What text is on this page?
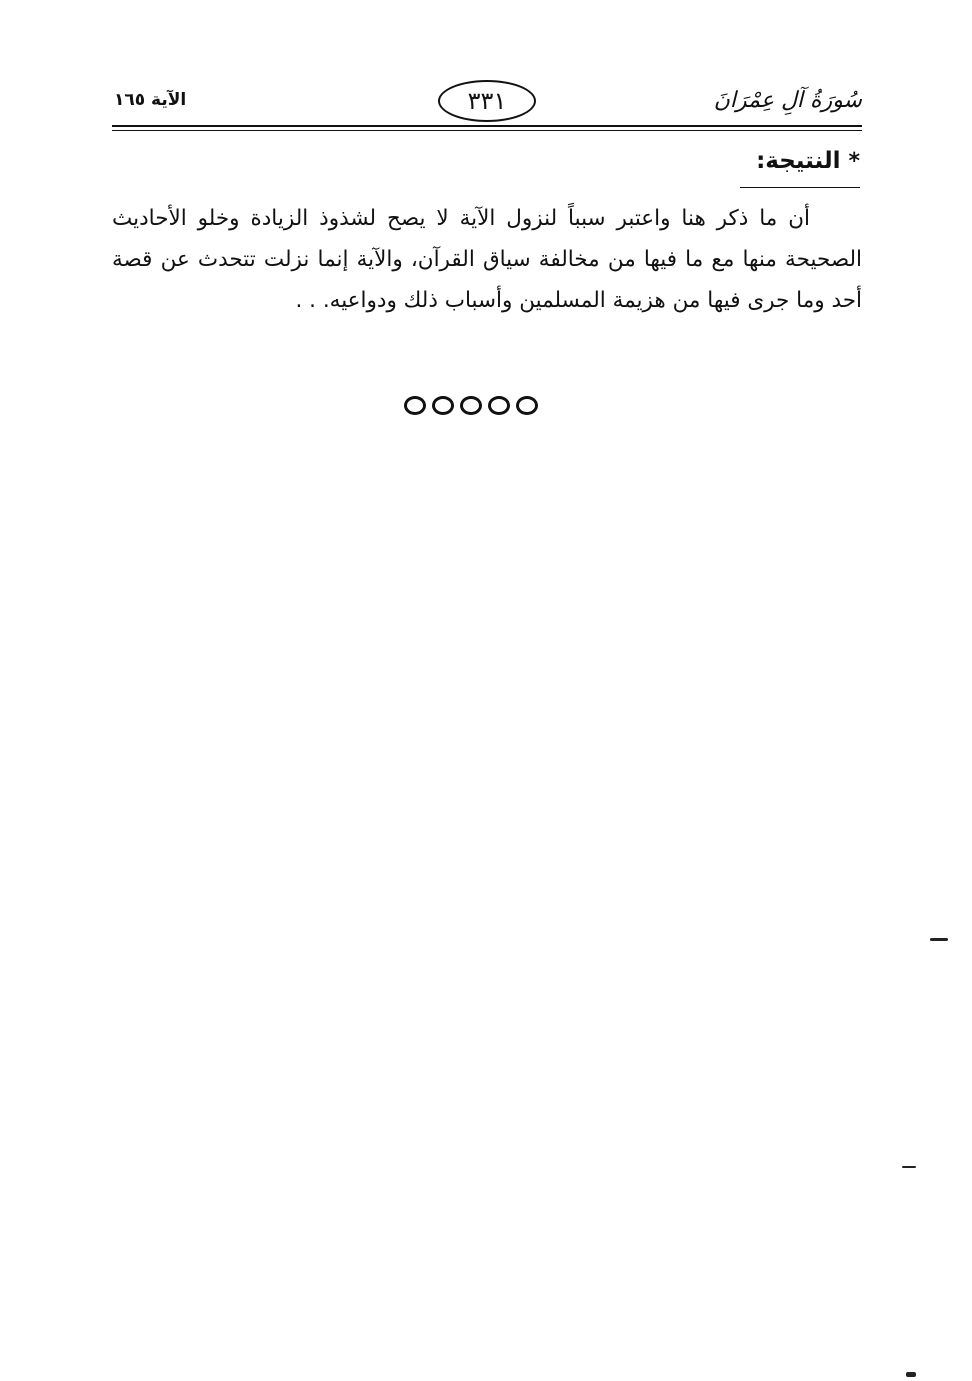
سُورَةُ آلِ عِمْرَانَ
٣٣١
الآية ١٦٥
*
النتيجة:

أن ما ذكر هنا واعتبر سبباً لنزول الآية لا يصح لشذوذ الزيادة وخلو الأحاديث الصحيحة منها مع ما فيها من مخالفة سياق القرآن، والآية إنما نزلت تتحدث عن قصة أحد وما جرى فيها من هزيمة المسلمين وأسباب ذلك ودواعيه. . .
